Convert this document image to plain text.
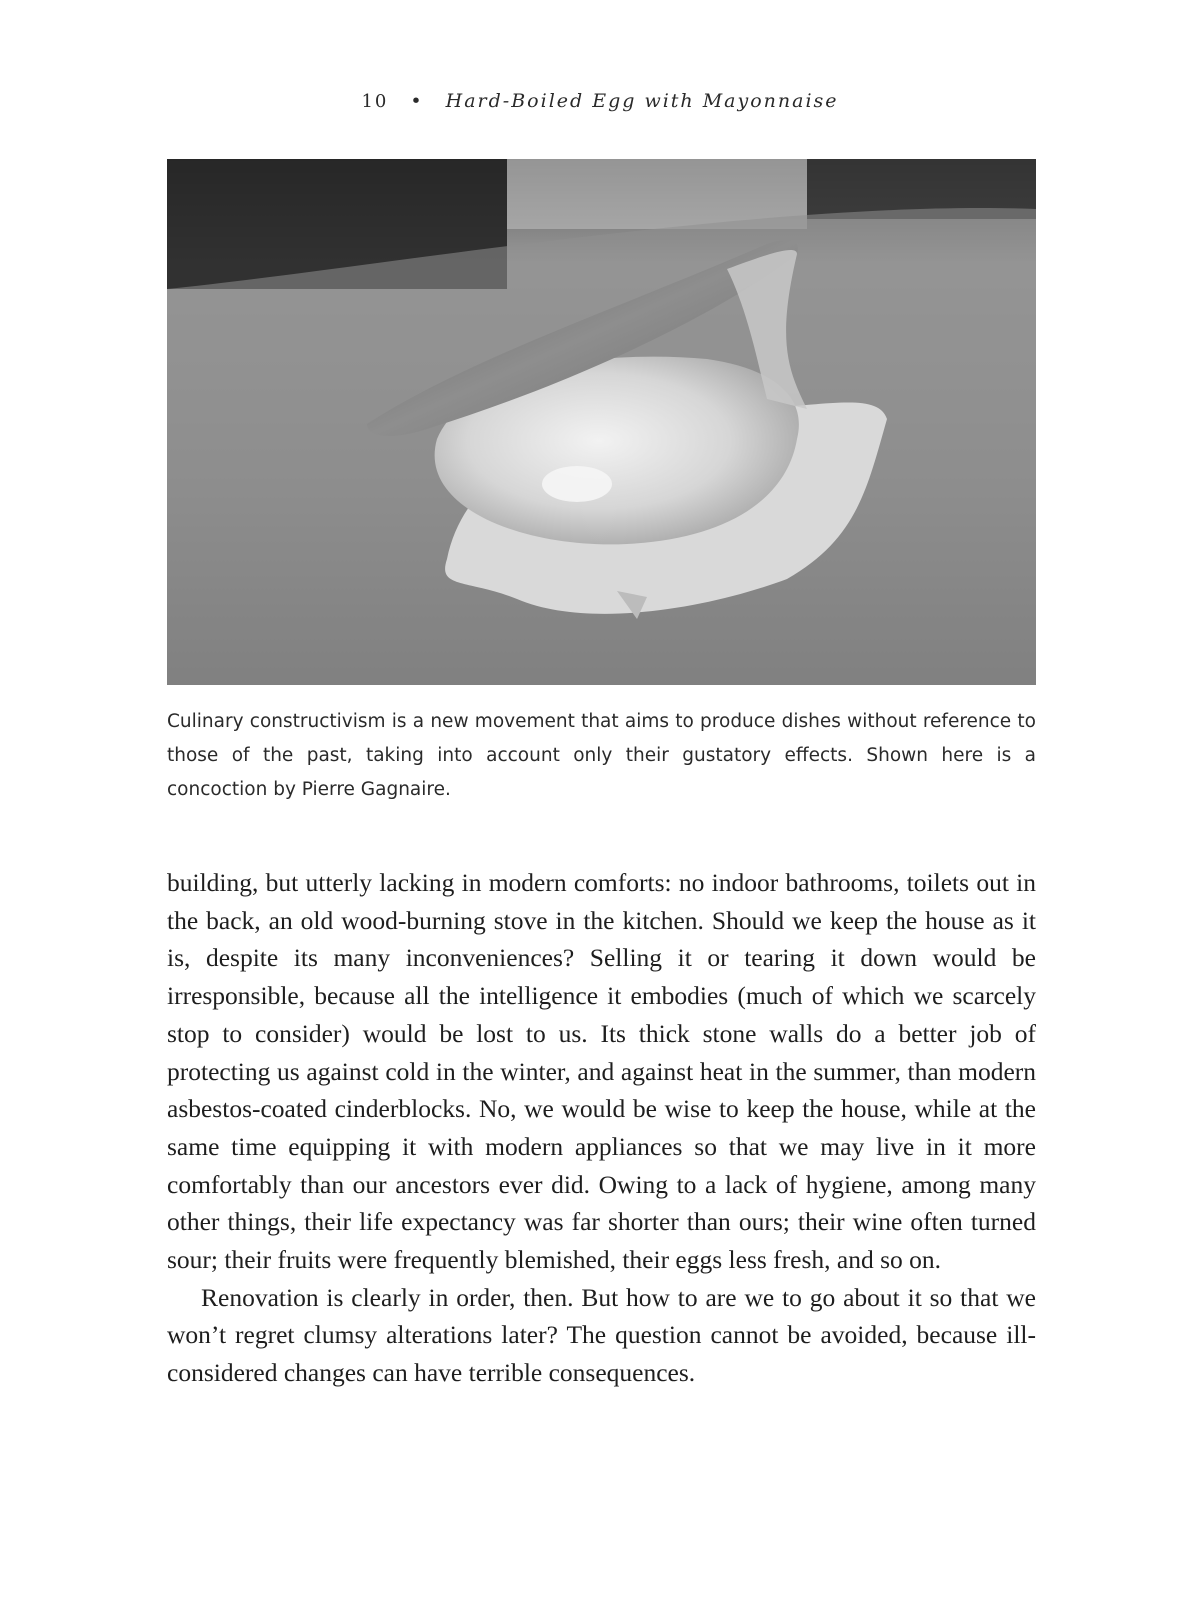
10 • Hard-Boiled Egg with Mayonnaise
Culinary constructivism is a new movement that aims to produce dishes without reference to those of the past, taking into account only their gustatory effects. Shown here is a concoction by Pierre Gagnaire.

building, but utterly lacking in modern comforts: no indoor bathrooms, toilets out in the back, an old wood-burning stove in the kitchen. Should we keep the house as it is, despite its many inconveniences? Selling it or tearing it down would be irresponsible, because all the intelligence it embodies (much of which we scarcely stop to consider) would be lost to us. Its thick stone walls do a better job of protecting us against cold in the winter, and against heat in the summer, than modern asbestos-coated cinderblocks. No, we would be wise to keep the house, while at the same time equipping it with modern appliances so that we may live in it more comfortably than our ancestors ever did. Owing to a lack of hygiene, among many other things, their life expectancy was far shorter than ours; their wine often turned sour; their fruits were frequently blemished, their eggs less fresh, and so on.

Renovation is clearly in order, then. But how to are we to go about it so that we won’t regret clumsy alterations later? The question cannot be avoided, because ill-considered changes can have terrible consequences.
